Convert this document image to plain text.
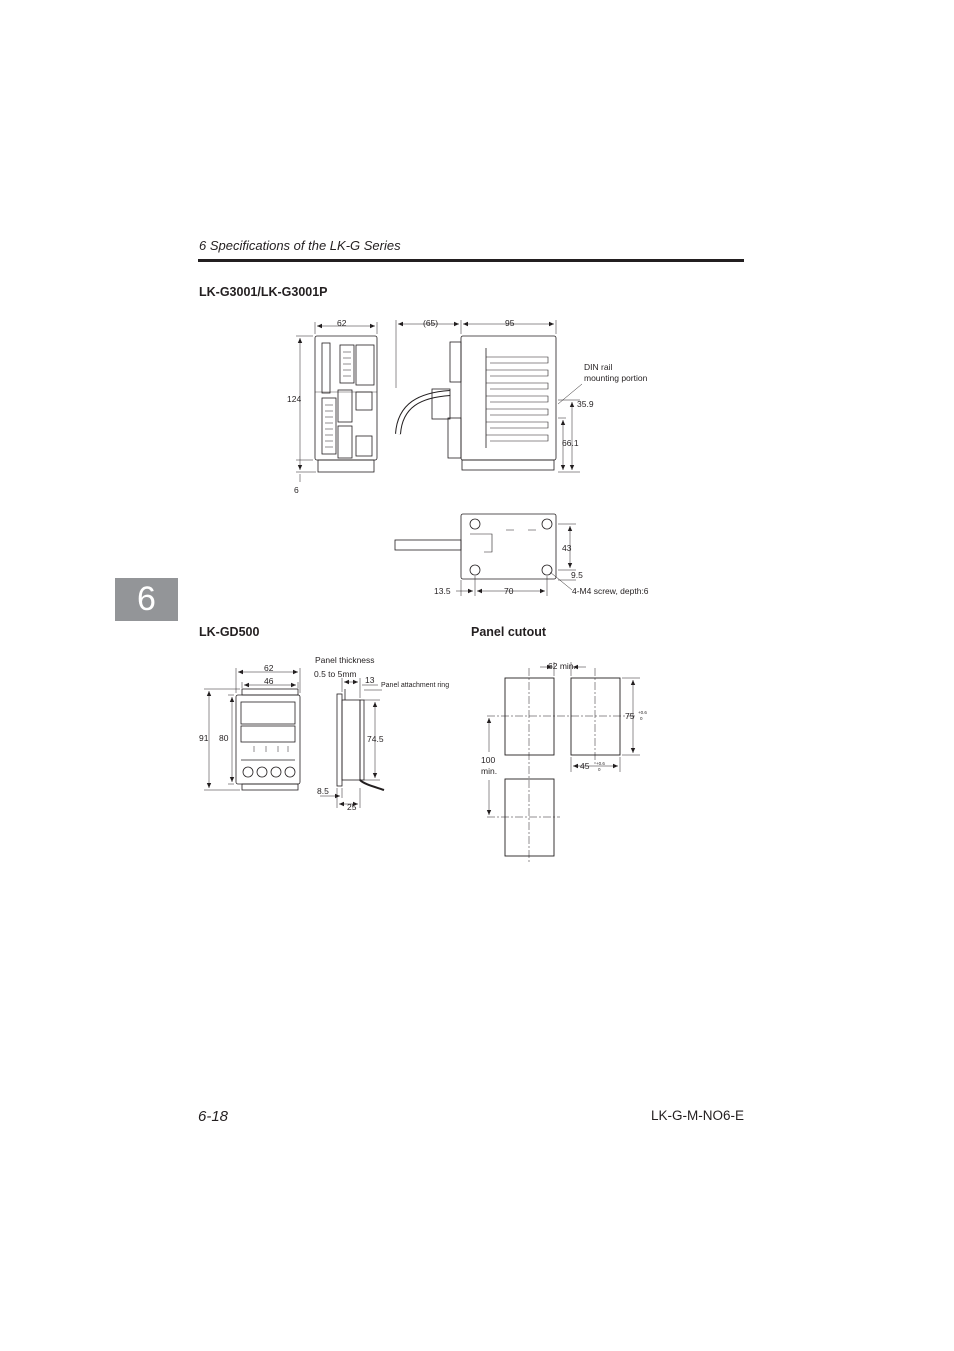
6 Specifications of the LK-G Series
6
LK-G3001/LK-G3001P
LK-GD500	Panel cutout
62
124
6
(65)	95
DIN rail
mounting portion
35.9
66.1
43
9.5
13.5	70	4-M4 screw, depth:6
62
46
91 80
Panel thickness
0.5 to 5mm
13
Panel attachment ring
74.5
8.5
25
62 min.
75 +0.6
0
45 +0.6
0
100
min.
6-18	LK-G-M-NO6-E
